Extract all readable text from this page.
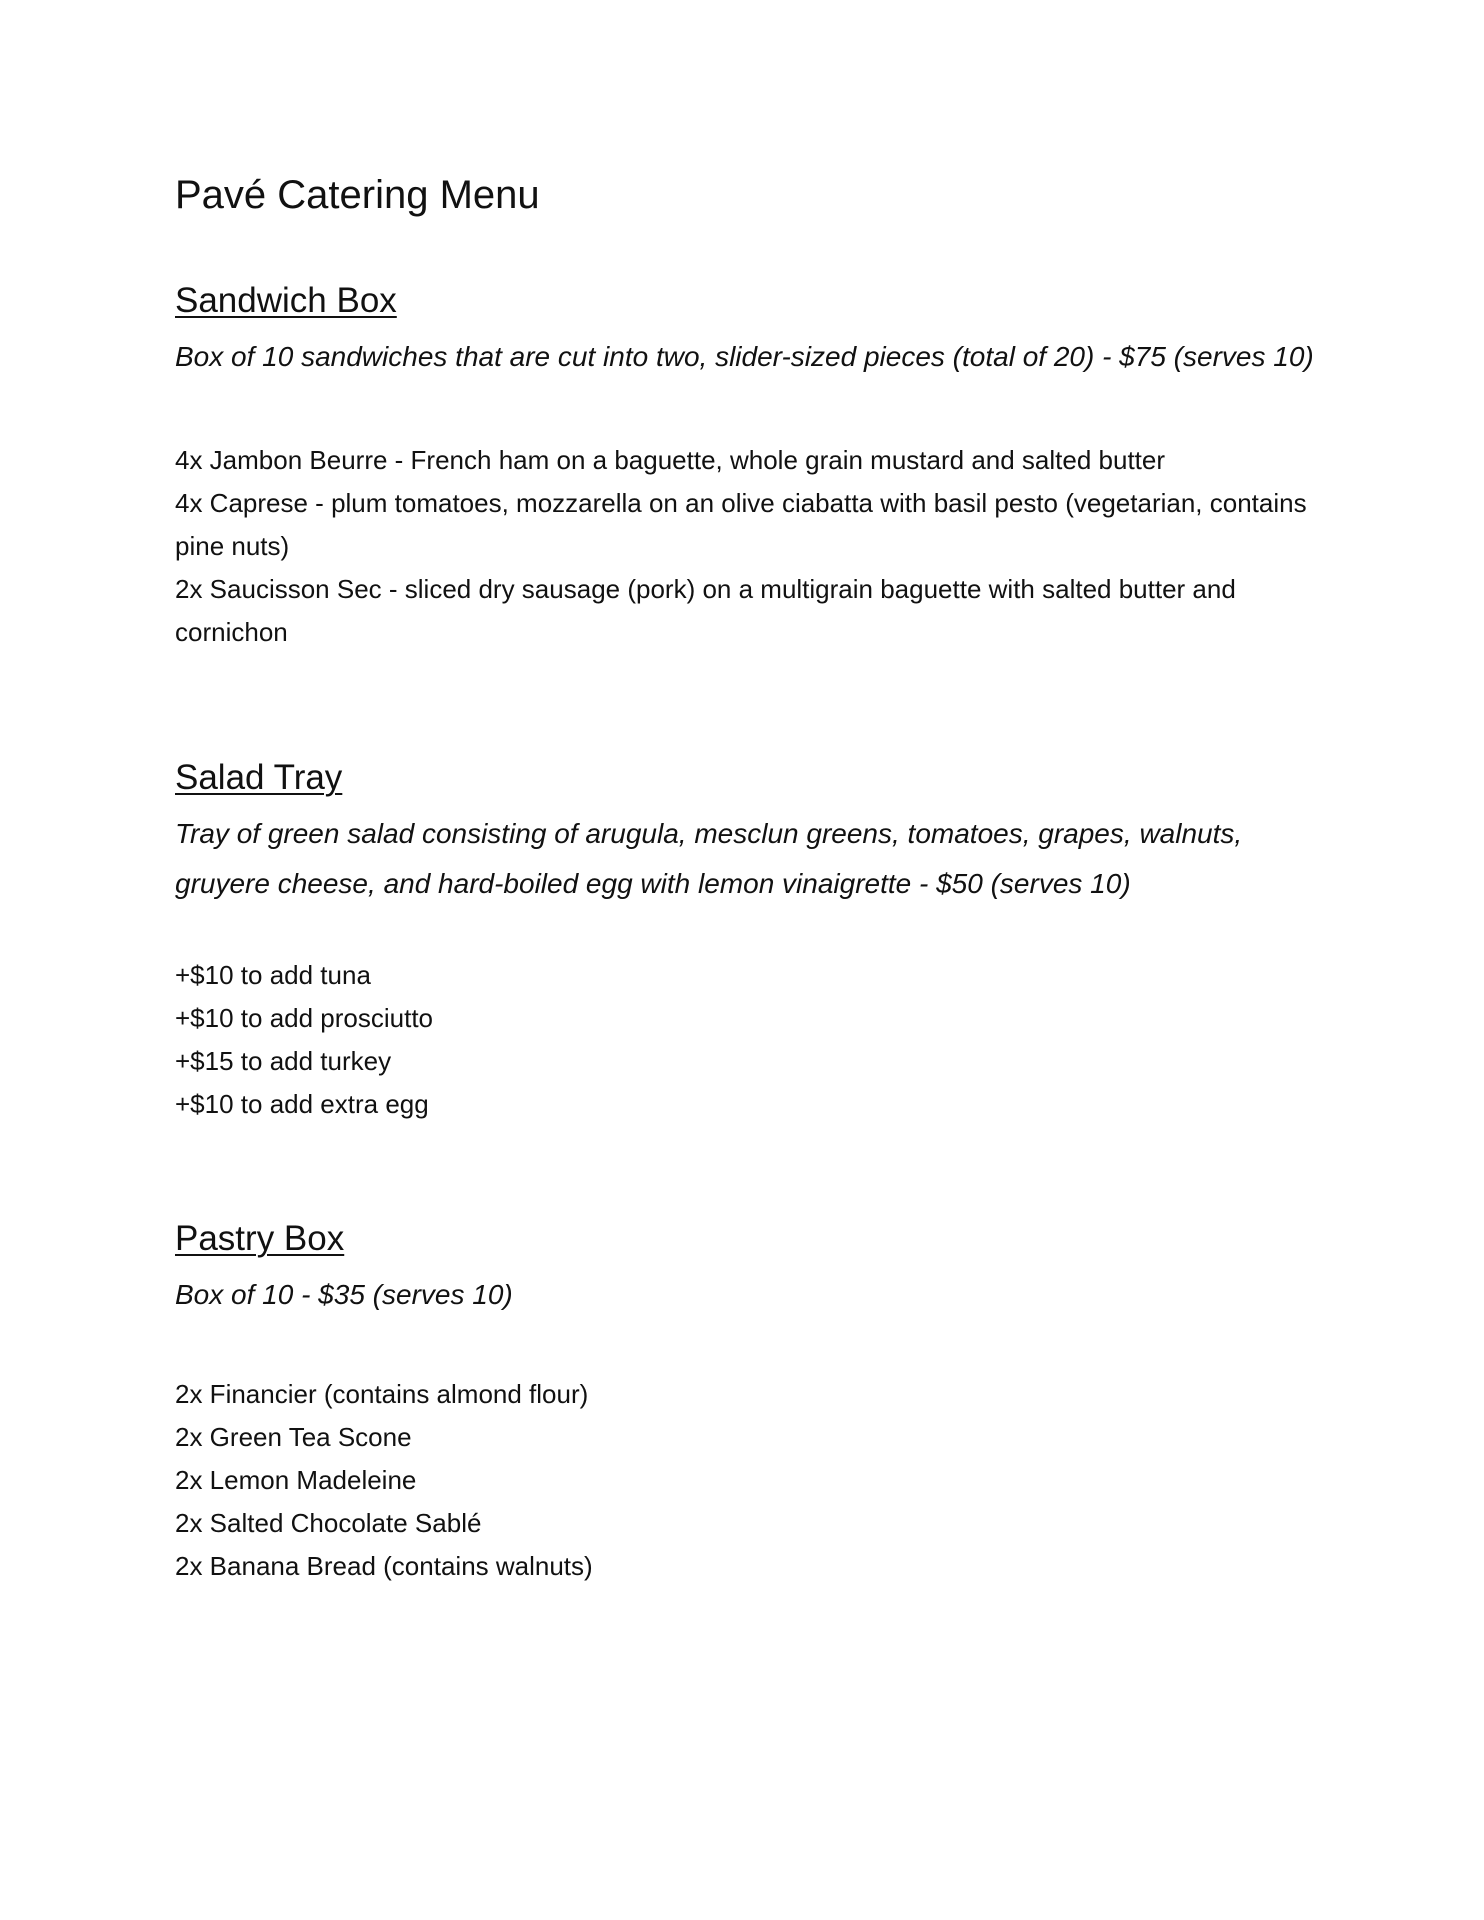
Pavé Catering Menu
Sandwich Box

Box of 10 sandwiches that are cut into two, slider-sized pieces (total of 20) - $75 (serves 10)

4x Jambon Beurre - French ham on a baguette, whole grain mustard and salted butter
4x Caprese - plum tomatoes, mozzarella on an olive ciabatta with basil pesto (vegetarian, contains pine nuts)
2x Saucisson Sec - sliced dry sausage (pork) on a multigrain baguette with salted butter and cornichon
Salad Tray

Tray of green salad consisting of arugula, mesclun greens, tomatoes, grapes, walnuts, gruyere cheese, and hard-boiled egg with lemon vinaigrette - $50 (serves 10)

+$10 to add tuna
+$10 to add prosciutto
+$15 to add turkey
+$10 to add extra egg
Pastry Box

Box of 10 - $35 (serves 10)

2x Financier (contains almond flour)
2x Green Tea Scone
2x Lemon Madeleine
2x Salted Chocolate Sablé
2x Banana Bread (contains walnuts)
